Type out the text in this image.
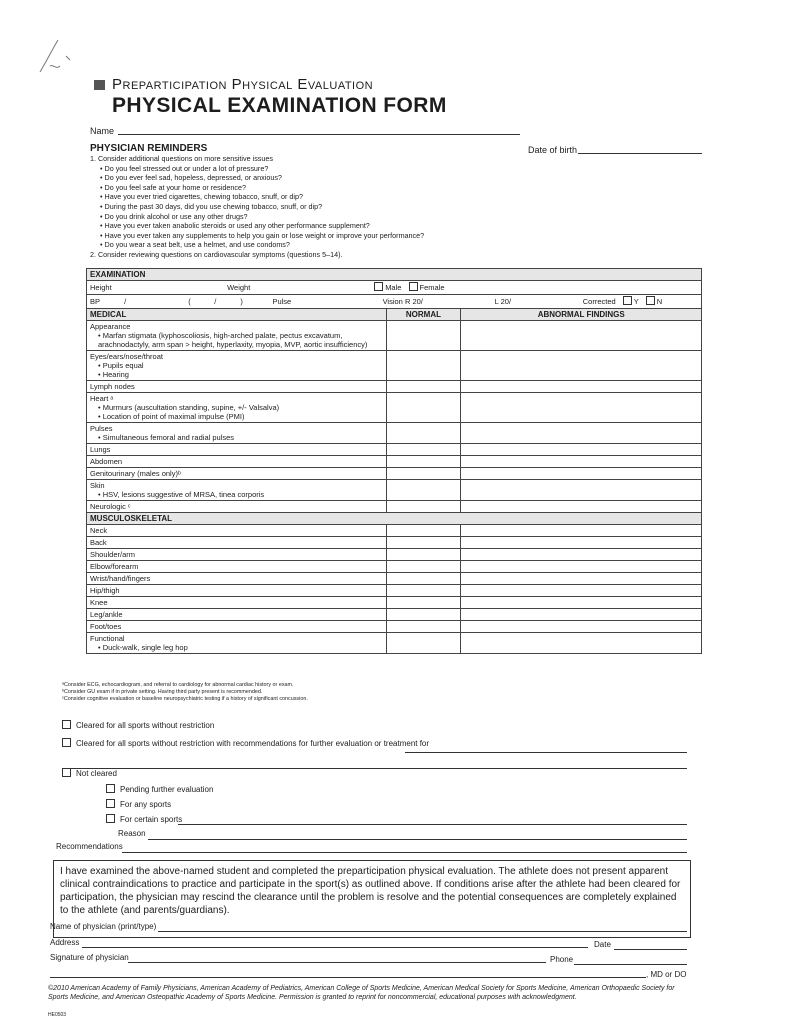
Preparticipation Physical Evaluation
PHYSICAL EXAMINATION FORM
Name
Date of birth
PHYSICIAN REMINDERS
1. Consider additional questions on more sensitive issues
• Do you feel stressed out or under a lot of pressure?
• Do you ever feel sad, hopeless, depressed, or anxious?
• Do you feel safe at your home or residence?
• Have you ever tried cigarettes, chewing tobacco, snuff, or dip?
• During the past 30 days, did you use chewing tobacco, snuff, or dip?
• Do you drink alcohol or use any other drugs?
• Have you ever taken anabolic steroids or used any other performance supplement?
• Have you ever taken any supplements to help you gain or lose weight or improve your performance?
• Do you wear a seat belt, use a helmet, and use condoms?
2. Consider reviewing questions on cardiovascular symptoms (questions 5–14).
EXAMINATION		
Height Weight Male Female		
BP / ( / ) Pulse Vision R 20/ L 20/ Corrected Y N		
MEDICAL	NORMAL	ABNORMAL FINDINGS

Appearance
• Marfan stigmata (kyphoscoliosis, high-arched palate, pectus excavatum, arachnodactyly, arm span > height, hyperlaxity, myopia, MVP, aortic insufficiency)		

Eyes/ears/nose/throat
• Pupils equal
• Hearing		

Lymph nodes		

Heart ᵃ
• Murmurs (auscultation standing, supine, +/- Valsalva)
• Location of point of maximal impulse (PMI)		

Pulses
• Simultaneous femoral and radial pulses		

Lungs		

Abdomen		

Genitourinary (males only)ᵇ		

Skin
• HSV, lesions suggestive of MRSA, tinea corporis		

Neurologic ᶜ		

MUSCULOSKELETAL		

Neck		

Back		

Shoulder/arm		

Elbow/forearm		

Wrist/hand/fingers		

Hip/thigh		

Knee		

Leg/ankle		

Foot/toes		

Functional
• Duck-walk, single leg hop		

ᵃConsider ECG, echocardiogram, and referral to cardiology for abnormal cardiac history or exam.
ᵇConsider GU exam if in private setting. Having third party present is recommended.
ᶜConsider cognitive evaluation or baseline neuropsychiatric testing if a history of significant concussion.
Cleared for all sports without restriction
Cleared for all sports without restriction with recommendations for further evaluation or treatment for
Not cleared
Pending further evaluation
For any sports
For certain sports
Reason
Recommendations
I have examined the above-named student and completed the preparticipation physical evaluation. The athlete does not present apparent clinical contraindications to practice and participate in the sport(s) as outlined above. If conditions arise after the athlete had been cleared for participation, the physician may rescind the clearance until the problem is resolve and the potential consequences are completely explained to the athlete (and parents/guardians).
Name of physician (print/type)
Address	Date
Signature of physician	Phone
, MD or DO
©2010 American Academy of Family Physicians, American Academy of Pediatrics, American College of Sports Medicine, American Medical Society for Sports Medicine, American Orthopaedic Society for Sports Medicine, and American Osteopathic Academy of Sports Medicine. Permission is granted to reprint for noncommercial, educational purposes with acknowledgment.
HE0503
